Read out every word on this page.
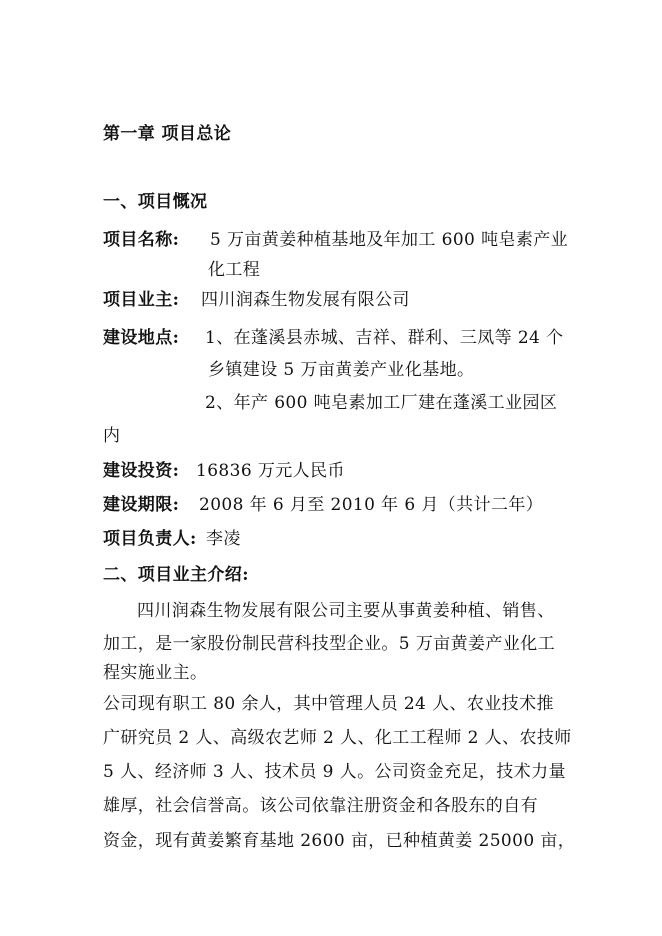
第一章 项目总论
一、项目慨况
项目名称: 5 万亩黄姜种植基地及年加工 600 吨皂素产业
化工程
项目业主: 四川润森生物发展有限公司
建设地点: 1、在蓬溪县赤城、吉祥、群利、三凤等 24 个
乡镇建设 5 万亩黄姜产业化基地。
2、年产 600 吨皂素加工厂建在蓬溪工业园区
内
建设投资: 16836 万元人民币
建设期限: 2008 年 6 月至 2010 年 6 月（共计二年）
项目负责人: 李凌
二、项目业主介绍:
四川润森生物发展有限公司主要从事黄姜种植、销售、
加工，是一家股份制民营科技型企业。5 万亩黄姜产业化工
程实施业主。
公司现有职工 80 余人，其中管理人员 24 人、农业技术推
广研究员 2 人、高级农艺师 2 人、化工工程师 2 人、农技师
5 人、经济师 3 人、技术员 9 人。公司资金充足，技术力量
雄厚，社会信誉高。该公司依靠注册资金和各股东的自有
资金，现有黄姜繁育基地 2600 亩，已种植黄姜 25000 亩，
